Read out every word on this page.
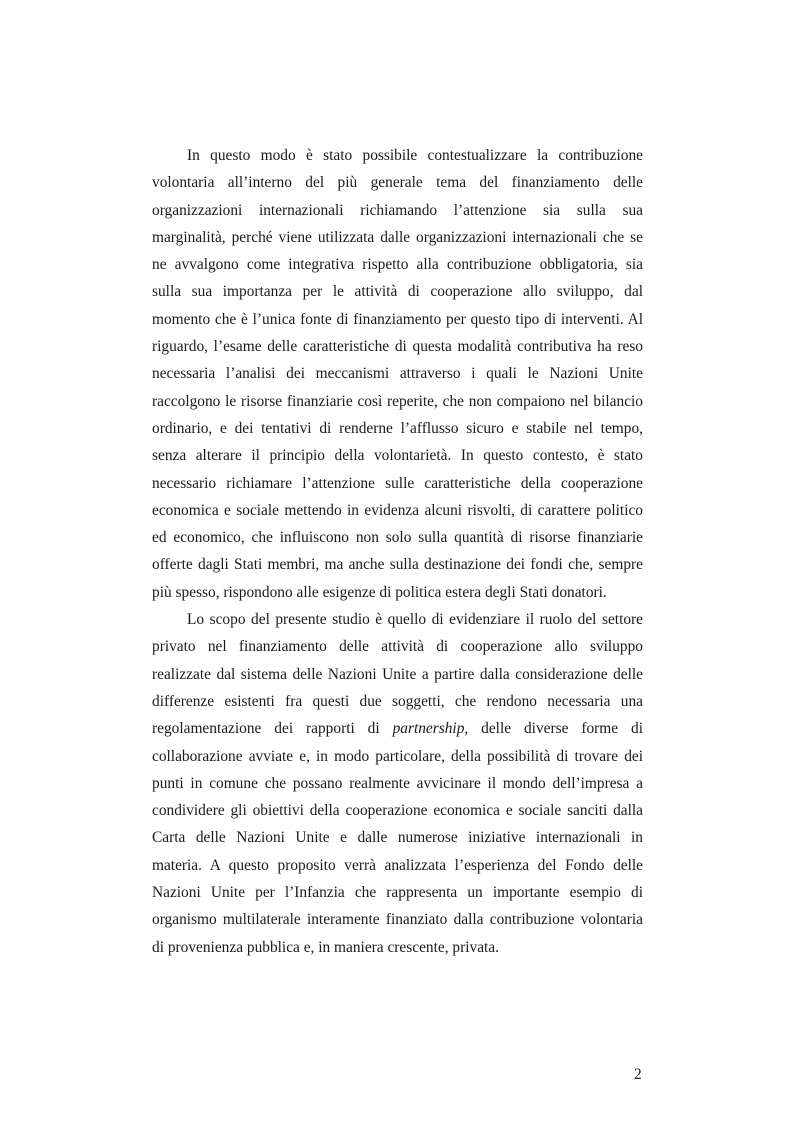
In questo modo è stato possibile contestualizzare la contribuzione
volontaria all’interno del più generale tema del finanziamento delle
organizzazioni internazionali richiamando l’attenzione sia sulla sua
marginalità, perché viene utilizzata dalle organizzazioni internazionali che se
ne avvalgono come integrativa rispetto alla contribuzione obbligatoria, sia
sulla sua importanza per le attività di cooperazione allo sviluppo, dal
momento che è l’unica fonte di finanziamento per questo tipo di interventi. Al
riguardo, l’esame delle caratteristiche di questa modalità contributiva ha reso
necessaria l’analisi dei meccanismi attraverso i quali le Nazioni Unite
raccolgono le risorse finanziarie così reperite, che non compaiono nel bilancio
ordinario, e dei tentativi di renderne l’afflusso sicuro e stabile nel tempo,
senza alterare il principio della volontarietà. In questo contesto, è stato
necessario richiamare l’attenzione sulle caratteristiche della cooperazione
economica e sociale mettendo in evidenza alcuni risvolti, di carattere politico
ed economico, che influiscono non solo sulla quantità di risorse finanziarie
offerte dagli Stati membri, ma anche sulla destinazione dei fondi che, sempre
più spesso, rispondono alle esigenze di politica estera degli Stati donatori.
Lo scopo del presente studio è quello di evidenziare il ruolo del settore
privato nel finanziamento delle attività di cooperazione allo sviluppo
realizzate dal sistema delle Nazioni Unite a partire dalla considerazione delle
differenze esistenti fra questi due soggetti, che rendono necessaria una
regolamentazione dei rapporti di partnership, delle diverse forme di
collaborazione avviate e, in modo particolare, della possibilità di trovare dei
punti in comune che possano realmente avvicinare il mondo dell’impresa a
condividere gli obiettivi della cooperazione economica e sociale sanciti dalla
Carta delle Nazioni Unite e dalle numerose iniziative internazionali in
materia. A questo proposito verrà analizzata l’esperienza del Fondo delle
Nazioni Unite per l’Infanzia che rappresenta un importante esempio di
organismo multilaterale interamente finanziato dalla contribuzione volontaria
di provenienza pubblica e, in maniera crescente, privata.
2
